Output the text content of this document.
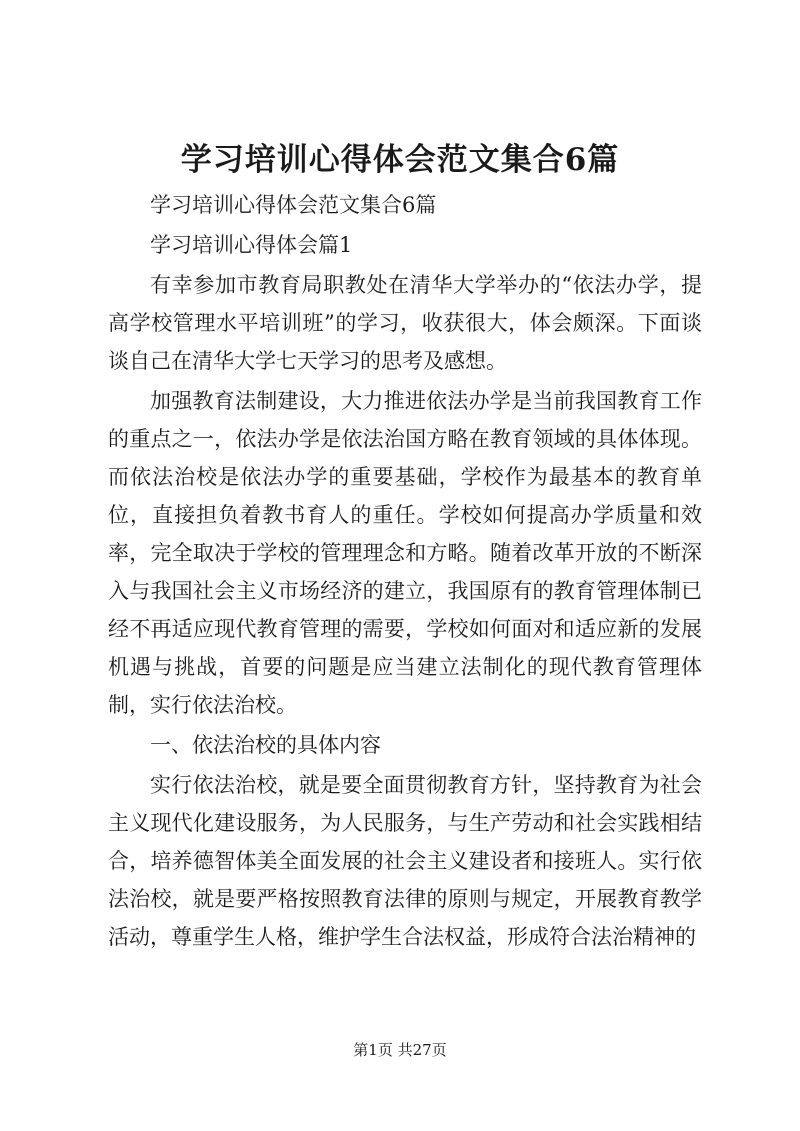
学习培训心得体会范文集合6篇

学习培训心得体会范文集合6篇

学习培训心得体会篇1

有幸参加市教育局职教处在清华大学举办的“依法办学，提高学校管理水平培训班”的学习，收获很大，体会颇深。下面谈谈自己在清华大学七天学习的思考及感想。

加强教育法制建设，大力推进依法办学是当前我国教育工作的重点之一，依法办学是依法治国方略在教育领域的具体体现。而依法治校是依法办学的重要基础，学校作为最基本的教育单位，直接担负着教书育人的重任。学校如何提高办学质量和效率，完全取决于学校的管理理念和方略。随着改革开放的不断深入与我国社会主义市场经济的建立，我国原有的教育管理体制已经不再适应现代教育管理的需要，学校如何面对和适应新的发展机遇与挑战，首要的问题是应当建立法制化的现代教育管理体制，实行依法治校。

一、依法治校的具体内容

实行依法治校，就是要全面贯彻教育方针，坚持教育为社会主义现代化建设服务，为人民服务，与生产劳动和社会实践相结合，培养德智体美全面发展的社会主义建设者和接班人。实行依法治校，就是要严格按照教育法律的原则与规定，开展教育教学活动，尊重学生人格，维护学生合法权益，形成符合法治精神的

第1页 共27页
